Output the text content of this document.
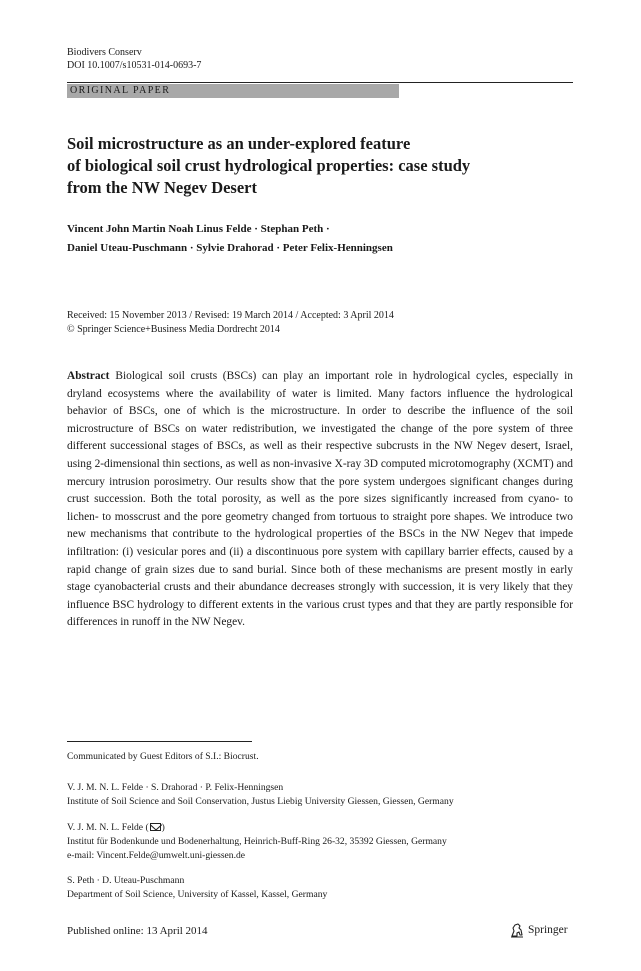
Biodivers Conserv
DOI 10.1007/s10531-014-0693-7
ORIGINAL PAPER
Soil microstructure as an under-explored feature
of biological soil crust hydrological properties: case study
from the NW Negev Desert
Vincent John Martin Noah Linus Felde · Stephan Peth ·
Daniel Uteau-Puschmann · Sylvie Drahorad · Peter Felix-Henningsen
Received: 15 November 2013 / Revised: 19 March 2014 / Accepted: 3 April 2014
© Springer Science+Business Media Dordrecht 2014

Abstract Biological soil crusts (BSCs) can play an important role in hydrological cycles, especially in dryland ecosystems where the availability of water is limited. Many factors influence the hydrological behavior of BSCs, one of which is the microstructure. In order to describe the influence of the soil microstructure of BSCs on water redistribution, we investigated the change of the pore system of three different successional stages of BSCs, as well as their respective subcrusts in the NW Negev desert, Israel, using 2-dimensional thin sections, as well as non-invasive X-ray 3D computed microtomography (XCMT) and mercury intrusion porosimetry. Our results show that the pore system undergoes significant changes during crust succession. Both the total porosity, as well as the pore sizes significantly increased from cyano- to lichen- to mosscrust and the pore geometry changed from tortuous to straight pore shapes. We introduce two new mechanisms that contribute to the hydrological properties of the BSCs in the NW Negev that impede infiltration: (i) vesicular pores and (ii) a discontinuous pore system with capillary barrier effects, caused by a rapid change of grain sizes due to sand burial. Since both of these mechanisms are present mostly in early stage cyanobacterial crusts and their abundance decreases strongly with succession, it is very likely that they influence BSC hydrology to different extents in the various crust types and that they are partly responsible for differences in runoff in the NW Negev.

Communicated by Guest Editors of S.I.: Biocrust.
V. J. M. N. L. Felde · S. Drahorad · P. Felix-Henningsen
Institute of Soil Science and Soil Conservation, Justus Liebig University Giessen, Giessen, Germany
V. J. M. N. L. Felde ( )
Institut für Bodenkunde und Bodenerhaltung, Heinrich-Buff-Ring 26-32, 35392 Giessen, Germany
e-mail: Vincent.Felde@umwelt.uni-giessen.de
S. Peth · D. Uteau-Puschmann
Department of Soil Science, University of Kassel, Kassel, Germany
Published online: 13 April 2014	Springer
